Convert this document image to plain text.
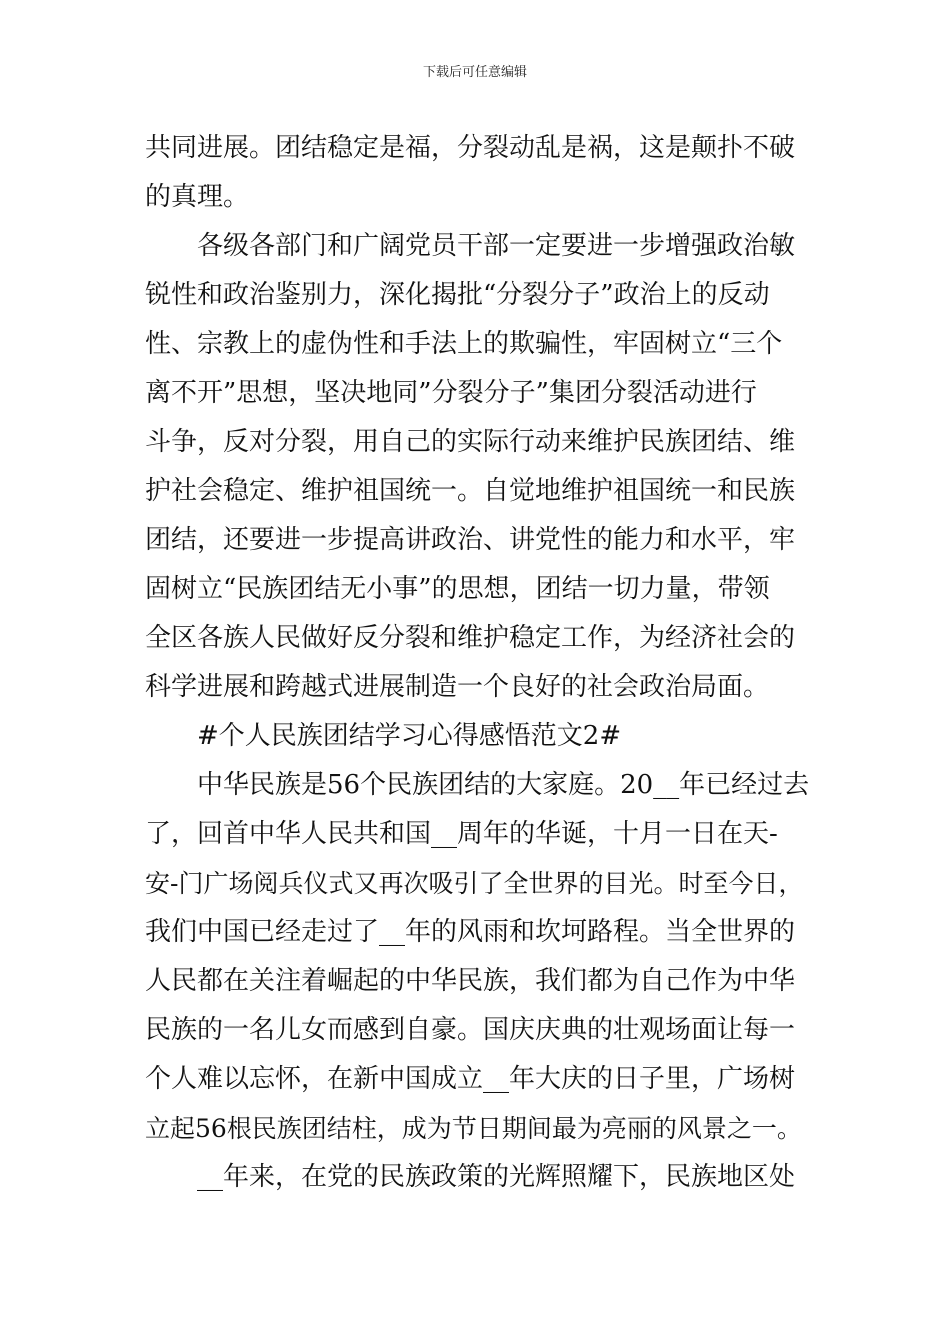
下载后可任意编辑
共同进展。团结稳定是福，分裂动乱是祸，这是颠扑不破
的真理。
各级各部门和广阔党员干部一定要进一步增强政治敏
锐性和政治鉴别力，深化揭批“分裂分子”政治上的反动
性、宗教上的虚伪性和手法上的欺骗性，牢固树立“三个
离不开”思想，坚决地同”分裂分子”集团分裂活动进行
斗争，反对分裂，用自己的实际行动来维护民族团结、维
护社会稳定、维护祖国统一。自觉地维护祖国统一和民族
团结，还要进一步提高讲政治、讲党性的能力和水平，牢
固树立“民族团结无小事”的思想，团结一切力量，带领
全区各族人民做好反分裂和维护稳定工作，为经济社会的
科学进展和跨越式进展制造一个良好的社会政治局面。
#个人民族团结学习心得感悟范文2#
中华民族是56个民族团结的大家庭。20__年已经过去
了，回首中华人民共和国__周年的华诞，十月一日在天-
安-门广场阅兵仪式又再次吸引了全世界的目光。时至今日，
我们中国已经走过了__年的风雨和坎坷路程。当全世界的
人民都在关注着崛起的中华民族，我们都为自己作为中华
民族的一名儿女而感到自豪。国庆庆典的壮观场面让每一
个人难以忘怀，在新中国成立__年大庆的日子里，广场树
立起56根民族团结柱，成为节日期间最为亮丽的风景之一。
__年来，在党的民族政策的光辉照耀下，民族地区处
